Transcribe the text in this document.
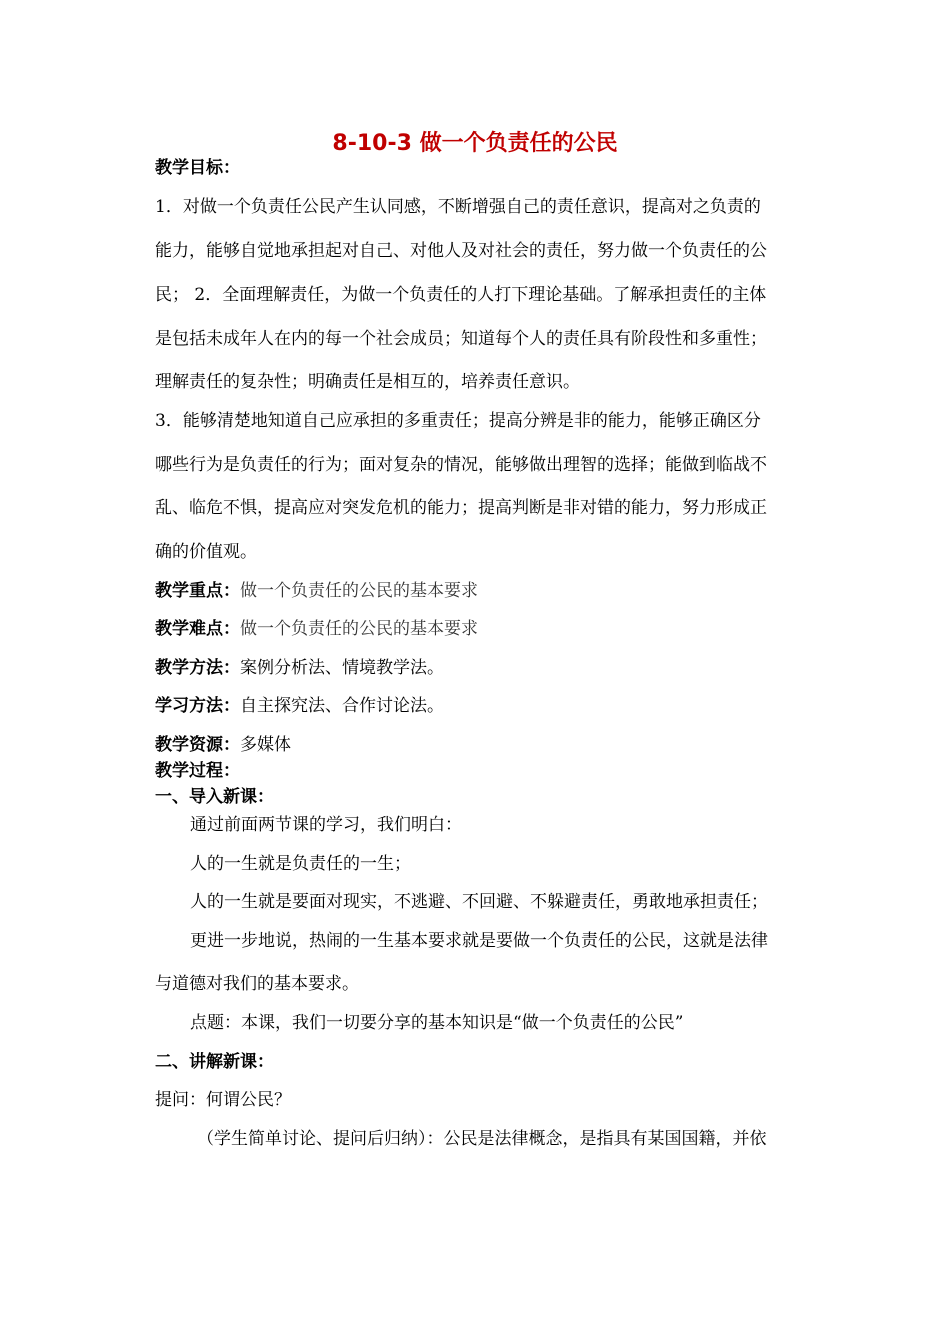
8-10-3 做一个负责任的公民
教学目标：
1．对做一个负责任公民产生认同感，不断增强自己的责任意识，提高对之负责的
能力，能够自觉地承担起对自己、对他人及对社会的责任，努力做一个负责任的公
民； 2．全面理解责任，为做一个负责任的人打下理论基础。了解承担责任的主体
是包括未成年人在内的每一个社会成员；知道每个人的责任具有阶段性和多重性；
理解责任的复杂性；明确责任是相互的，培养责任意识。
3．能够清楚地知道自己应承担的多重责任；提高分辨是非的能力，能够正确区分
哪些行为是负责任的行为；面对复杂的情况，能够做出理智的选择；能做到临战不
乱、临危不惧，提高应对突发危机的能力；提高判断是非对错的能力，努力形成正
确的价值观。
教学重点：做一个负责任的公民的基本要求
教学难点：做一个负责任的公民的基本要求
教学方法：案例分析法、情境教学法。
学习方法：自主探究法、合作讨论法。
教学资源：多媒体
教学过程：
一、导入新课：
通过前面两节课的学习，我们明白：
人的一生就是负责任的一生；
人的一生就是要面对现实，不逃避、不回避、不躲避责任，勇敢地承担责任；
更进一步地说，热闹的一生基本要求就是要做一个负责任的公民，这就是法律
与道德对我们的基本要求。
点题：本课，我们一切要分享的基本知识是“做一个负责任的公民”
二、讲解新课：
提问：何谓公民？
（学生简单讨论、提问后归纳）：公民是法律概念，是指具有某国国籍，并依
